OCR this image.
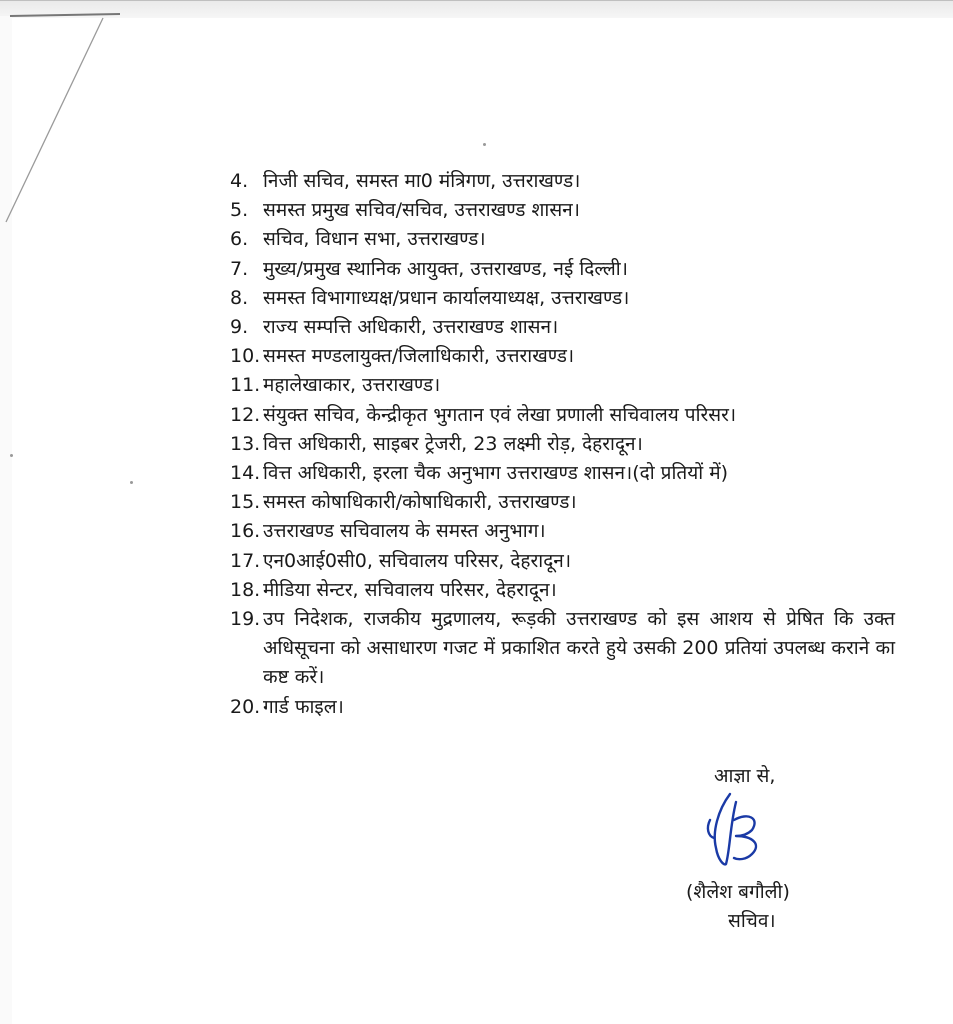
4. निजी सचिव, समस्त मा0 मंत्रिगण, उत्तराखण्ड।
5. समस्त प्रमुख सचिव/सचिव, उत्तराखण्ड शासन।
6. सचिव, विधान सभा, उत्तराखण्ड।
7. मुख्य/प्रमुख स्थानिक आयुक्त, उत्तराखण्ड, नई दिल्ली।
8. समस्त विभागाध्यक्ष/प्रधान कार्यालयाध्यक्ष, उत्तराखण्ड।
9. राज्य सम्पत्ति अधिकारी, उत्तराखण्ड शासन।
10. समस्त मण्डलायुक्त/जिलाधिकारी, उत्तराखण्ड।
11. महालेखाकार, उत्तराखण्ड।
12. संयुक्त सचिव, केन्द्रीकृत भुगतान एवं लेखा प्रणाली सचिवालय परिसर।
13. वित्त अधिकारी, साइबर ट्रेजरी, 23 लक्ष्मी रोड़, देहरादून।
14. वित्त अधिकारी, इरला चैक अनुभाग उत्तराखण्ड शासन।(दो प्रतियों में)
15. समस्त कोषाधिकारी/कोषाधिकारी, उत्तराखण्ड।
16. उत्तराखण्ड सचिवालय के समस्त अनुभाग।
17. एन0आई0सी0, सचिवालय परिसर, देहरादून।
18. मीडिया सेन्टर, सचिवालय परिसर, देहरादून।
19. उप निदेशक, राजकीय मुद्रणालय, रूड़की उत्तराखण्ड को इस आशय से प्रेषित कि उक्त अधिसूचना को असाधारण गजट में प्रकाशित करते हुये उसकी 200 प्रतियां उपलब्ध कराने का कष्ट करें।
20. गार्ड फाइल।
आज्ञा से,
(शैलेश बगौली)
सचिव।
